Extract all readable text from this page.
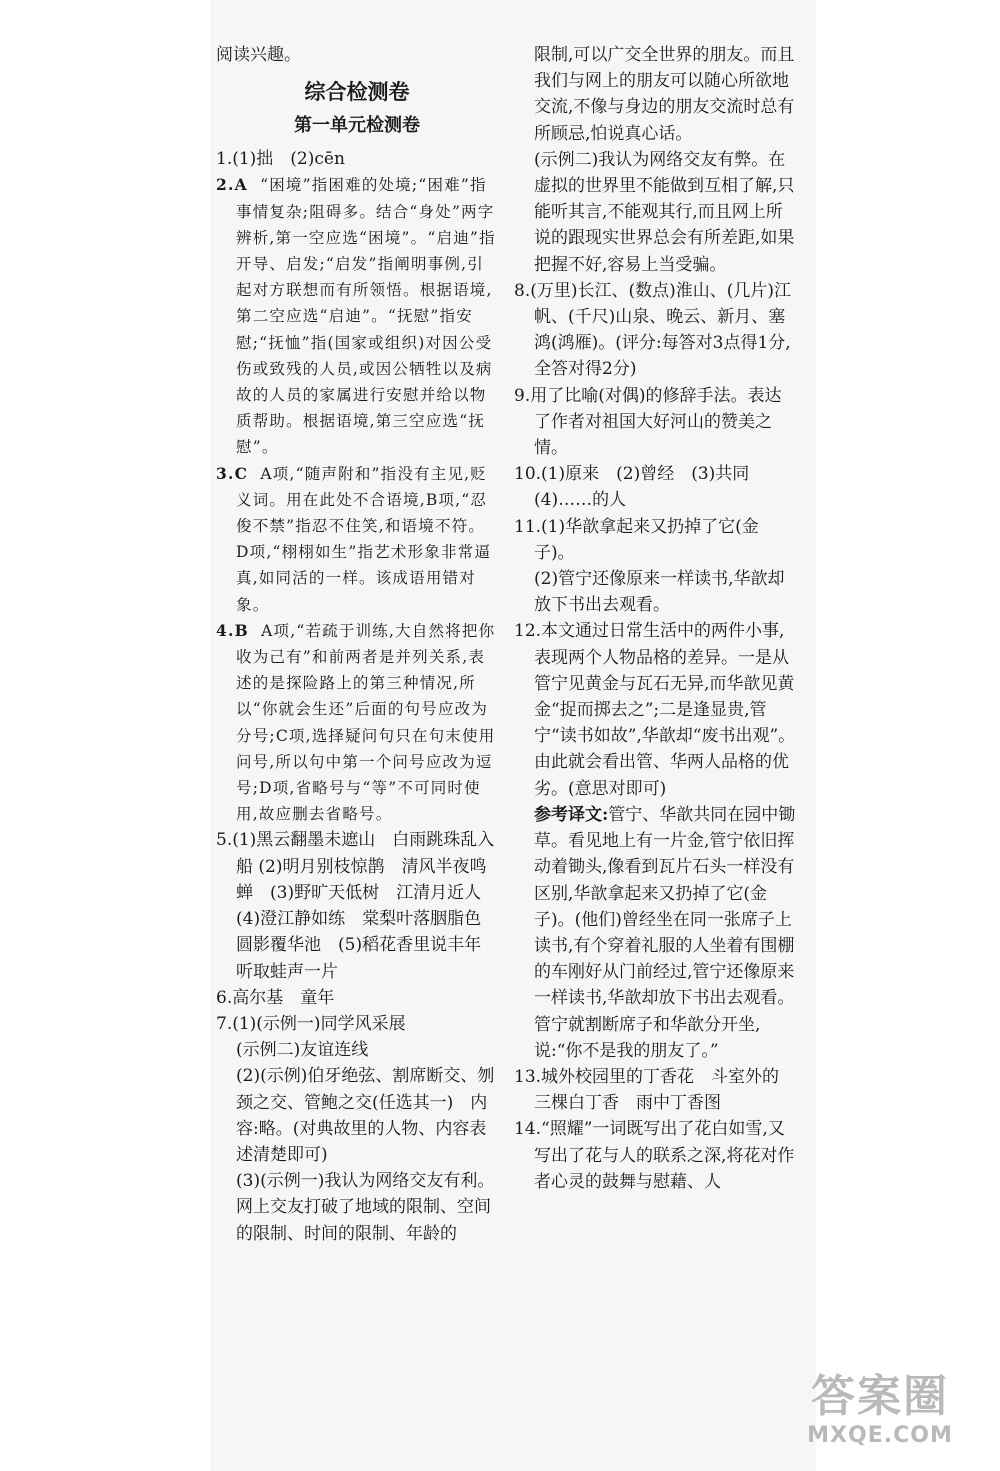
阅读兴趣。

综合检测卷
第一单元检测卷

1.(1)拙　(2)cēn

2.A “困境”指困难的处境;“困难”指事情复杂;阻碍多。结合“身处”两字辨析,第一空应选“困境”。“启迪”指开导、启发;“启发”指阐明事例,引起对方联想而有所领悟。根据语境,第二空应选“启迪”。“抚慰”指安慰;“抚恤”指(国家或组织)对因公受伤或致残的人员,或因公牺牲以及病故的人员的家属进行安慰并给以物质帮助。根据语境,第三空应选“抚慰”。
3.C A项,“随声附和”指没有主见,贬义词。用在此处不合语境,B项,“忍俊不禁”指忍不住笑,和语境不符。D项,“栩栩如生”指艺术形象非常逼真,如同活的一样。该成语用错对象。
4.B A项,“若疏于训练,大自然将把你收为己有”和前两者是并列关系,表述的是探险路上的第三种情况,所以“你就会生还”后面的句号应改为分号;C项,选择疑问句只在句末使用问号,所以句中第一个问号应改为逗号;D项,省略号与“等”不可同时使用,故应删去省略号。
5.(1)黑云翻墨未遮山　白雨跳珠乱入船 (2)明月别枝惊鹊　清风半夜鸣蝉　(3)野旷天低树　江清月近人　(4)澄江静如练　棠梨叶落胭脂色　圆影覆华池　(5)稻花香里说丰年　听取蛙声一片

6.高尔基　童年

7.(1)(示例一)同学风采展

(示例二)友谊连线

(2)(示例)伯牙绝弦、割席断交、刎颈之交、管鲍之交(任选其一)　内容:略。(对典故里的人物、内容表述清楚即可)

(3)(示例一)我认为网络交友有利。网上交友打破了地域的限制、空间的限制、时间的限制、年龄的

限制,可以广交全世界的朋友。而且我们与网上的朋友可以随心所欲地交流,不像与身边的朋友交流时总有所顾忌,怕说真心话。

(示例二)我认为网络交友有弊。在虚拟的世界里不能做到互相了解,只能听其言,不能观其行,而且网上所说的跟现实世界总会有所差距,如果把握不好,容易上当受骗。

8.(万里)长江、(数点)淮山、(几片)江帆、(千尺)山泉、晚云、新月、塞鸿(鸿雁)。(评分:每答对3点得1分,全答对得2分)

9.用了比喻(对偶)的修辞手法。表达了作者对祖国大好河山的赞美之情。

10.(1)原来　(2)曾经　(3)共同

(4)……的人

11.(1)华歆拿起来又扔掉了它(金子)。

(2)管宁还像原来一样读书,华歆却放下书出去观看。

12.本文通过日常生活中的两件小事,表现两个人物品格的差异。一是从管宁见黄金与瓦石无异,而华歆见黄金“捉而掷去之”;二是逢显贵,管宁“读书如故”,华歆却“废书出观”。由此就会看出管、华两人品格的优劣。(意思对即可)

参考译文:管宁、华歆共同在园中锄草。看见地上有一片金,管宁依旧挥动着锄头,像看到瓦片石头一样没有区别,华歆拿起来又扔掉了它(金子)。(他们)曾经坐在同一张席子上读书,有个穿着礼服的人坐着有围棚的车刚好从门前经过,管宁还像原来一样读书,华歆却放下书出去观看。管宁就割断席子和华歆分开坐,说:“你不是我的朋友了。”

13.城外校园里的丁香花　斗室外的三棵白丁香　雨中丁香图

14.“照耀”一词既写出了花白如雪,又写出了花与人的联系之深,将花对作者心灵的鼓舞与慰藉、人

答案圈
MXQE.COM
